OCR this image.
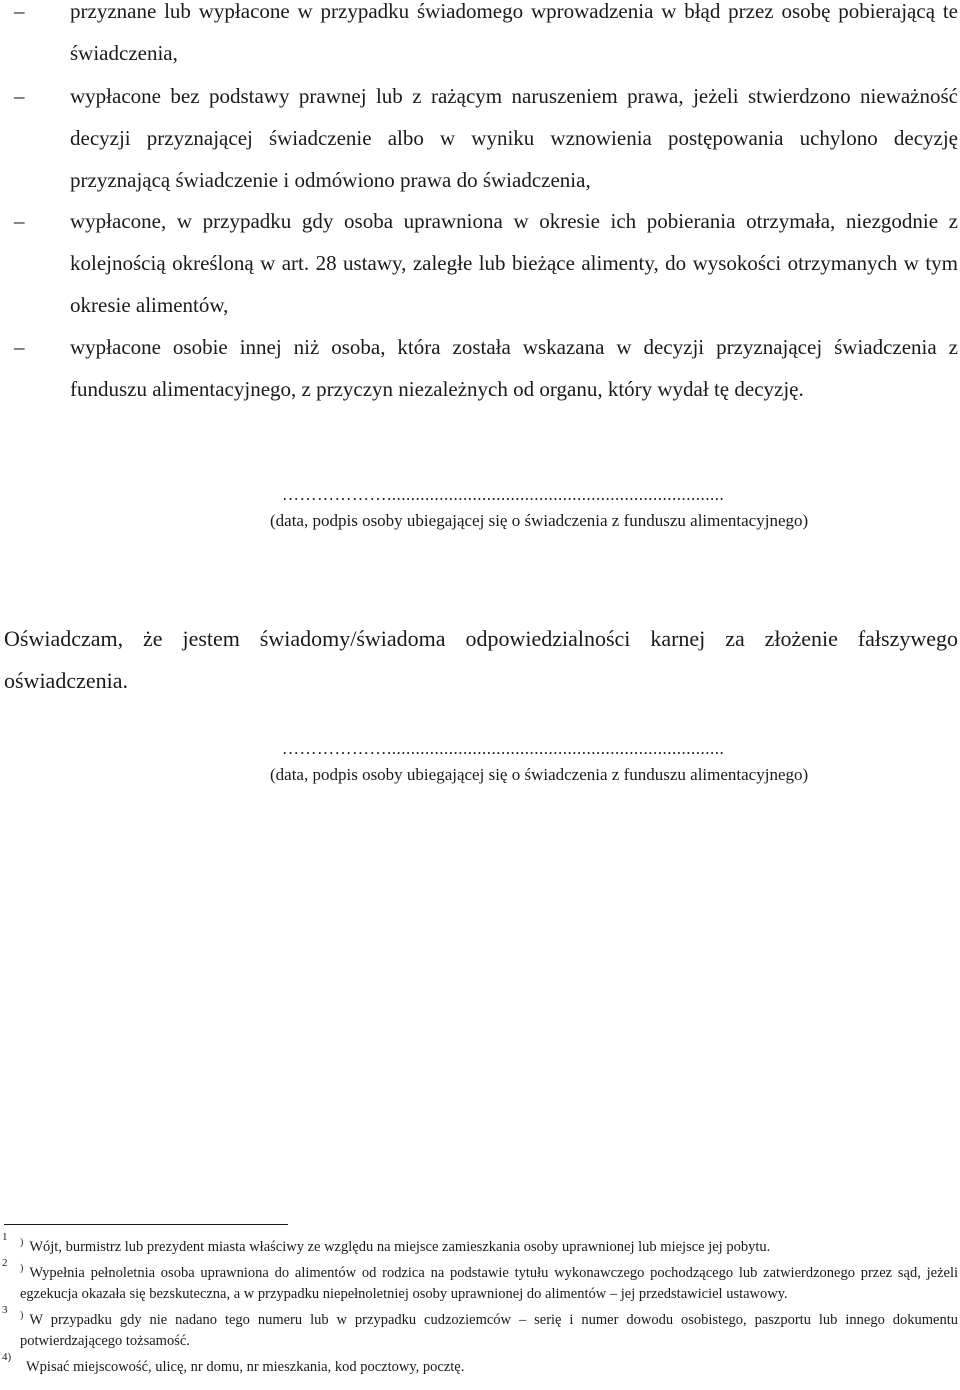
– przyznane lub wypłacone w przypadku świadomego wprowadzenia w błąd przez osobę pobierającą te świadczenia,
– wypłacone bez podstawy prawnej lub z rażącym naruszeniem prawa, jeżeli stwierdzono nieważność decyzji przyznającej świadczenie albo w wyniku wznowienia postępowania uchylono decyzję przyznającą świadczenie i odmówiono prawa do świadczenia,
– wypłacone, w przypadku gdy osoba uprawniona w okresie ich pobierania otrzymała, niezgodnie z kolejnością określoną w art. 28 ustawy, zaległe lub bieżące alimenty, do wysokości otrzymanych w tym okresie alimentów,
– wypłacone osobie innej niż osoba, która została wskazana w decyzji przyznającej świadczenia z funduszu alimentacyjnego, z przyczyn niezależnych od organu, który wydał tę decyzję.
……………….......................................................................
(data, podpis osoby ubiegającej się o świadczenia z funduszu alimentacyjnego)
Oświadczam, że jestem świadomy/świadoma odpowiedzialności karnej za złożenie fałszywego oświadczenia.
……………….......................................................................
(data, podpis osoby ubiegającej się o świadczenia z funduszu alimentacyjnego)
1 ) Wójt, burmistrz lub prezydent miasta właściwy ze względu na miejsce zamieszkania osoby uprawnionej lub miejsce jej pobytu.
2 ) Wypełnia pełnoletnia osoba uprawniona do alimentów od rodzica na podstawie tytułu wykonawczego pochodzącego lub zatwierdzonego przez sąd, jeżeli egzekucja okazała się bezskuteczna, a w przypadku niepełnoletniej osoby uprawnionej do alimentów – jej przedstawiciel ustawowy.
3 ) W przypadku gdy nie nadano tego numeru lub w przypadku cudzoziemców – serię i numer dowodu osobistego, paszportu lub innego dokumentu potwierdzającego tożsamość.
4)
Wpisać miejscowość, ulicę, nr domu, nr mieszkania, kod pocztowy, pocztę.
